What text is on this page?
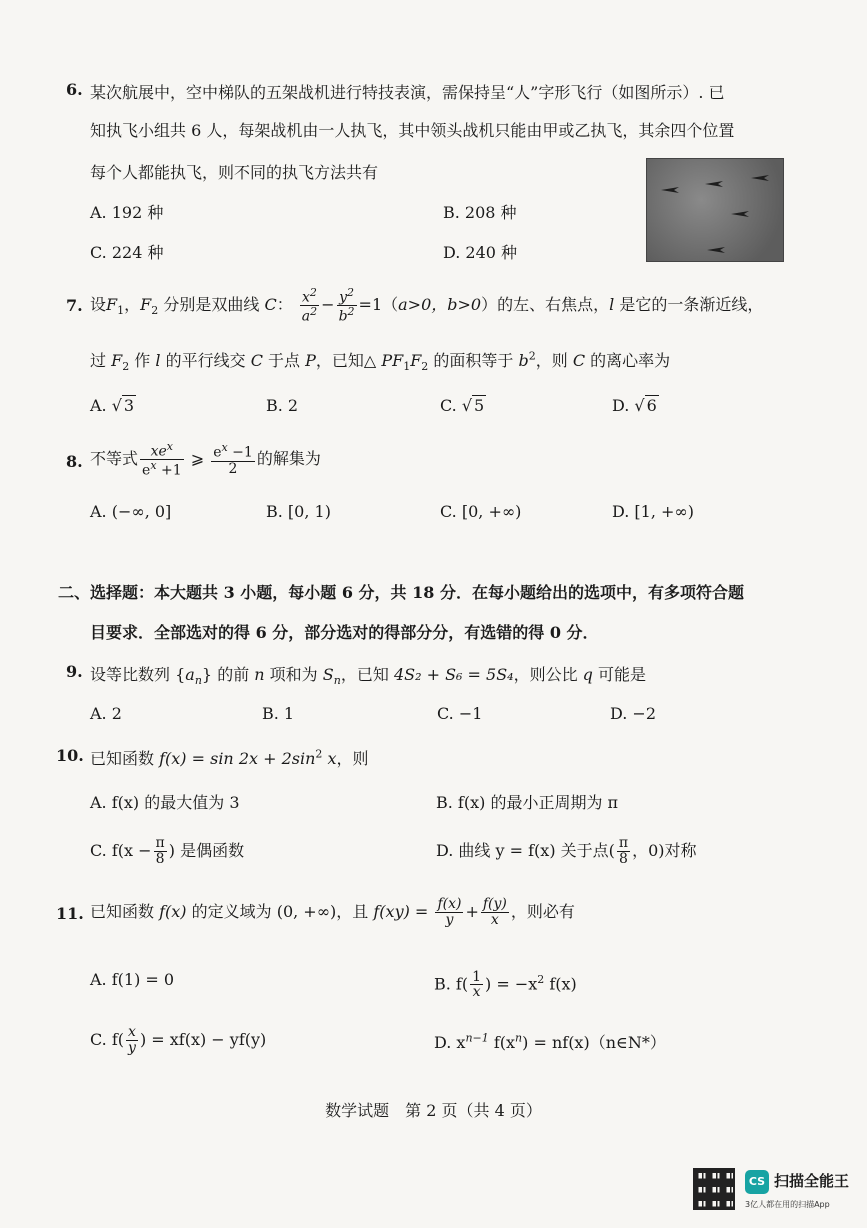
6. 某次航展中，空中梯队的五架战机进行特技表演，需保持呈“人”字形飞行（如图所示）. 已
知执飞小组共 6 人，每架战机由一人执飞，其中领头战机只能由甲或乙执飞，其余四个位置
每个人都能执飞，则不同的执飞方法共有
A. 192 种	B. 208 种
C. 224 种	D. 240 种
7. 设$F_1$，$F_2$ 分别是双曲线 C： $\frac{x^2}{a^2} - \frac{y^2}{b^2} =1(a>0$，b>0）的左、右焦点，l 是它的一条渐近线，
过 $F_2$ 作 l 的平行线交 C 于点 P，已知△ $PF_1F_2$ 的面积等于 $b^2$，则 C 的离心率为
A. √ 3	B. 2	C. √ 5	D. √ 6
8. 不等式 $\frac{xe^x}{e^x +1}$ ⩾ $\frac{e^x -1}{2}$ 的解集为
A. (−∞, 0]	B. [0, 1)	C. [0, +∞)	D. [1, +∞)
二、选择题：本大题共 3 小题，每小题 6 分，共 18 分．在每小题给出的选项中，有多项符合题
目要求．全部选对的得 6 分，部分选对的得部分分，有选错的得 0 分．
9. 设等比数列 $\{a_n\}$ 的前 n 项和为 $S_n$，已知 4S₂ + S₆ = 5S₄，则公比 q 可能是
A. 2	B. 1	C. −1	D. −2
10. 已知函数 $f(x) = \sin 2x + 2\sin^2$ x，则
A. f(x) 的最大值为 3	B. f(x) 的最小正周期为 π
C. $f(x - \frac{\pi}{8}$ ) 是偶函数	D. 曲线 y = f(x) 关于点( $\frac{\pi}{8}$ ，0)对称
11. 已知函数 f(x) 的定义域为 (0, +∞)，且 $f(xy) = \frac{f(x)}{y} + \frac{f(y)}{x}$ ，则必有
A. f(1) = 0	B. $f( \frac{1}{x}$ ) = $-x^2$ f(x)
C. $f( \frac{x}{y}$ ) = xf(x) − yf(y)	D. $x^{n-1}$ $f(x^n)$ = nf(x)（n∈N*）
数学试题　第 2 页（共 4 页）
CS 扫描全能王
3亿人都在用的扫描App
